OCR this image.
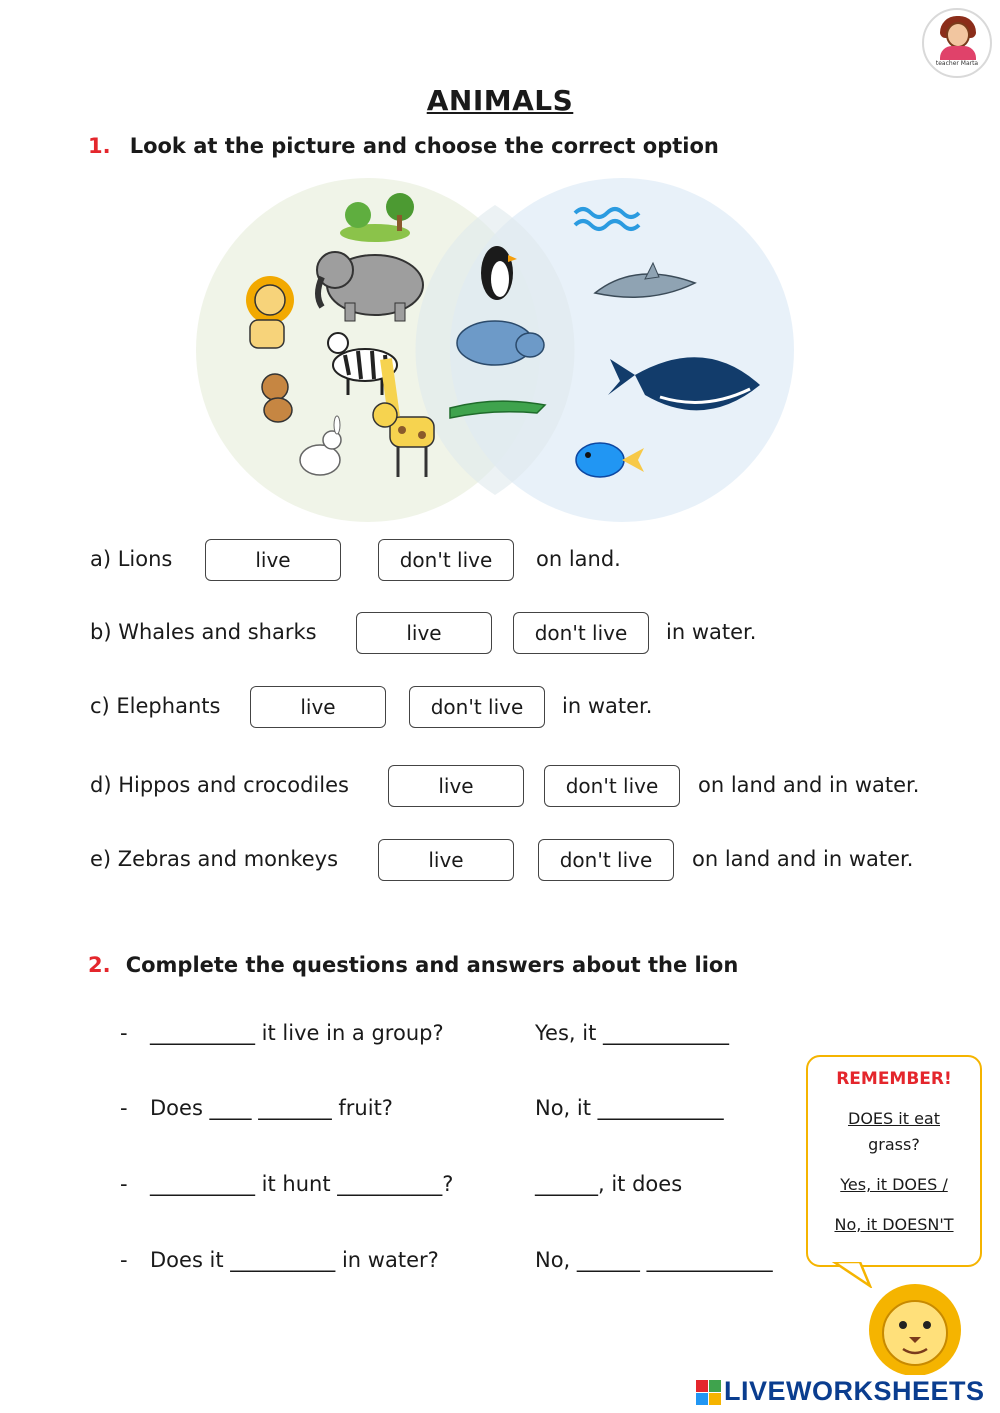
teacher Marta
ANIMALS
1. Look at the picture and choose the correct option
a) Lions	live	don't live	on land.
b) Whales and sharks	live	don't live	in water.
c) Elephants	live	don't live	in water.
d) Hippos and crocodiles	live	don't live	on land and in water.
e) Zebras and monkeys	live	don't live	on land and in water.
2. Complete the questions and answers about the lion
- __________ it live in a group?	Yes, it ____________
- Does ____ _______ fruit?	No, it ____________
- __________ it hunt __________?	______, it does
- Does it __________ in water?	No, ______ ____________
REMEMBER!
DOES it eat
grass?
Yes, it DOES /
No, it DOESN'T
LIVEWORKSHEETS
